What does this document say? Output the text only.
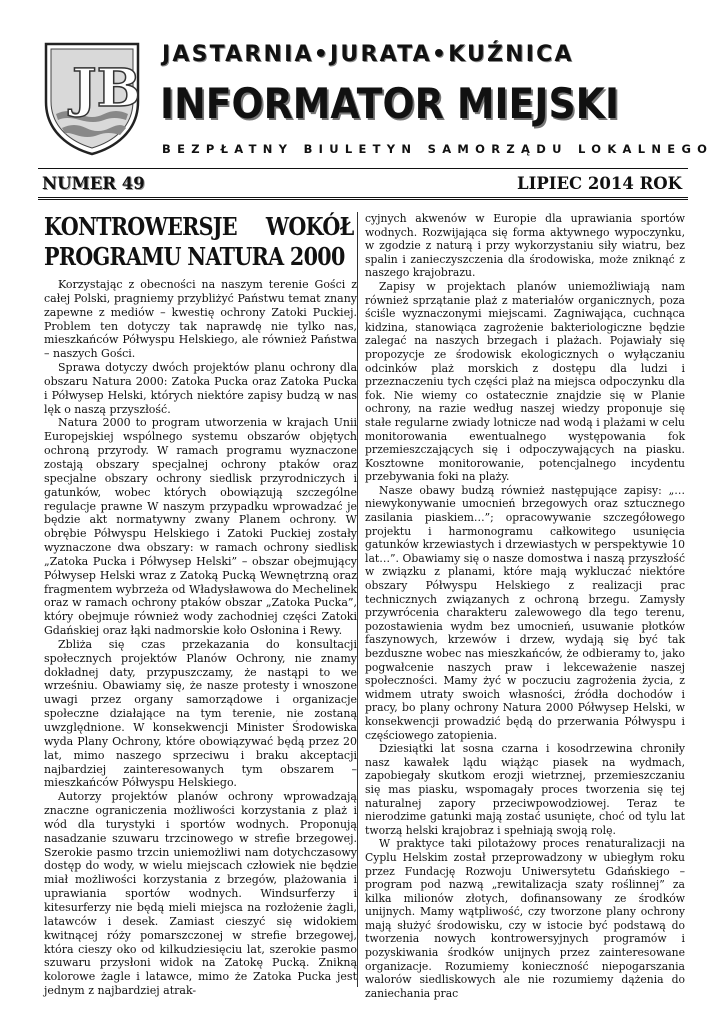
JB
JASTARNIA•JURATA•KUŹNICA
INFORMATOR MIEJSKI
BEZPŁATNY BIULETYN SAMORZĄDU LOKALNEGO
NUMER 49	LIPIEC 2014 ROK
KONTROWERSJE WOKÓŁ PROGRAMU NATURA 2000

Korzystając z obecności na naszym terenie Gości z całej Polski, pragniemy przybliżyć Państwu temat znany zapewne z mediów – kwestię ochrony Zatoki Puckiej. Problem ten dotyczy tak naprawdę nie tylko nas, mieszkańców Półwyspu Helskiego, ale również Państwa – naszych Gości.

Sprawa dotyczy dwóch projektów planu ochrony dla obszaru Natura 2000: Zatoka Pucka oraz Zatoka Pucka i Półwysep Helski, których niektóre zapisy budzą w nas lęk o naszą przyszłość.

Natura 2000 to program utworzenia w krajach Unii Europejskiej wspólnego systemu obszarów objętych ochroną przyrody. W ramach programu wyznaczone zostają obszary specjalnej ochrony ptaków oraz specjalne obszary ochrony siedlisk przyrodniczych i gatunków, wobec których obowiązują szczególne regulacje prawne W naszym przypadku wprowadzać je będzie akt normatywny zwany Planem ochrony. W obrębie Półwyspu Helskiego i Zatoki Puckiej zostały wyznaczone dwa obszary: w ramach ochrony siedlisk „Zatoka Pucka i Półwysep Helski” – obszar obejmujący Półwysep Helski wraz z Zatoką Pucką Wewnętrzną oraz fragmentem wybrzeża od Władysławowa do Mechelinek oraz w ramach ochrony ptaków obszar „Zatoka Pucka”, który obejmuje również wody zachodniej części Zatoki Gdańskiej oraz łąki nadmorskie koło Osłonina i Rewy.

Zbliża się czas przekazania do konsultacji społecznych projektów Planów Ochrony, nie znamy dokładnej daty, przypuszczamy, że nastąpi to we wrześniu. Obawiamy się, że nasze protesty i wnoszone uwagi przez organy samorządowe i organizacje społeczne działające na tym terenie, nie zostaną uwzględnione. W konsekwencji Minister Środowiska wyda Plany Ochrony, które obowiązywać będą przez 20 lat, mimo naszego sprzeciwu i braku akceptacji najbardziej zainteresowanych tym obszarem – mieszkańców Półwyspu Helskiego.

Autorzy projektów planów ochrony wprowadzają znaczne ograniczenia możliwości korzystania z plaż i wód dla turystyki i sportów wodnych. Proponują nasadzanie szuwaru trzcinowego w strefie brzegowej. Szerokie pasmo trzcin uniemożliwi nam dotychczasowy dostęp do wody, w wielu miejscach człowiek nie będzie miał możliwości korzystania z brzegów, plażowania i uprawiania sportów wodnych. Windsurferzy i kitesurferzy nie będą mieli miejsca na rozłożenie żagli, latawców i desek. Zamiast cieszyć się widokiem kwitnącej róży pomarszczonej w strefie brzegowej, która cieszy oko od kilkudziesięciu lat, szerokie pasmo szuwaru przysłoni widok na Zatokę Pucką. Znikną kolorowe żagle i latawce, mimo że Zatoka Pucka jest jednym z najbardziej atrak-

cyjnych akwenów w Europie dla uprawiania sportów wodnych. Rozwijająca się forma aktywnego wypoczynku, w zgodzie z naturą i przy wykorzystaniu siły wiatru, bez spalin i zanieczyszczenia dla środowiska, może zniknąć z naszego krajobrazu.

Zapisy w projektach planów uniemożliwiają nam również sprzątanie plaż z materiałów organicznych, poza ściśle wyznaczonymi miejscami. Zagniwająca, cuchnąca kidzina, stanowiąca zagrożenie bakteriologiczne będzie zalegać na naszych brzegach i plażach. Pojawiały się propozycje ze środowisk ekologicznych o wyłączaniu odcinków plaż morskich z dostępu dla ludzi i przeznaczeniu tych części plaż na miejsca odpoczynku dla fok. Nie wiemy co ostatecznie znajdzie się w Planie ochrony, na razie według naszej wiedzy proponuje się stałe regularne zwiady lotnicze nad wodą i plażami w celu monitorowania ewentualnego występowania fok przemieszczających się i odpoczywających na piasku. Kosztowne monitorowanie, potencjalnego incydentu przebywania foki na plaży.

Nasze obawy budzą również następujące zapisy: „…niewykonywanie umocnień brzegowych oraz sztucznego zasilania piaskiem…”; opracowywanie szczegółowego projektu i harmonogramu całkowitego usunięcia gatunków krzewiastych i drzewiastych w perspektywie 10 lat…”. Obawiamy się o nasze domostwa i naszą przyszłość w związku z planami, które mają wykluczać niektóre obszary Półwyspu Helskiego z realizacji prac technicznych związanych z ochroną brzegu. Zamysły przywrócenia charakteru zalewowego dla tego terenu, pozostawienia wydm bez umocnień, usuwanie płotków faszynowych, krzewów i drzew, wydają się być tak bezduszne wobec nas mieszkańców, że odbieramy to, jako pogwałcenie naszych praw i lekceważenie naszej społeczności. Mamy żyć w poczuciu zagrożenia życia, z widmem utraty swoich własności, źródła dochodów i pracy, bo plany ochrony Natura 2000 Półwysep Helski, w konsekwencji prowadzić będą do przerwania Półwyspu i częściowego zatopienia.

Dziesiątki lat sosna czarna i kosodrzewina chroniły nasz kawałek lądu wiążąc piasek na wydmach, zapobiegały skutkom erozji wietrznej, przemieszczaniu się mas piasku, wspomagały proces tworzenia się tej naturalnej zapory przeciwpowodziowej. Teraz te nierodzime gatunki mają zostać usunięte, choć od tylu lat tworzą helski krajobraz i spełniają swoją rolę.

W praktyce taki pilotażowy proces renaturalizacji na Cyplu Helskim został przeprowadzony w ubiegłym roku przez Fundację Rozwoju Uniwersytetu Gdańskiego – program pod nazwą „rewitalizacja szaty roślinnej” za kilka milionów złotych, dofinansowany ze środków unijnych. Mamy wątpliwość, czy tworzone plany ochrony mają służyć środowisku, czy w istocie być podstawą do tworzenia nowych kontrowersyjnych programów i pozyskiwania środków unijnych przez zainteresowane organizacje. Rozumiemy konieczność niepogarszania walorów siedliskowych ale nie rozumiemy dążenia do zaniechania prac
